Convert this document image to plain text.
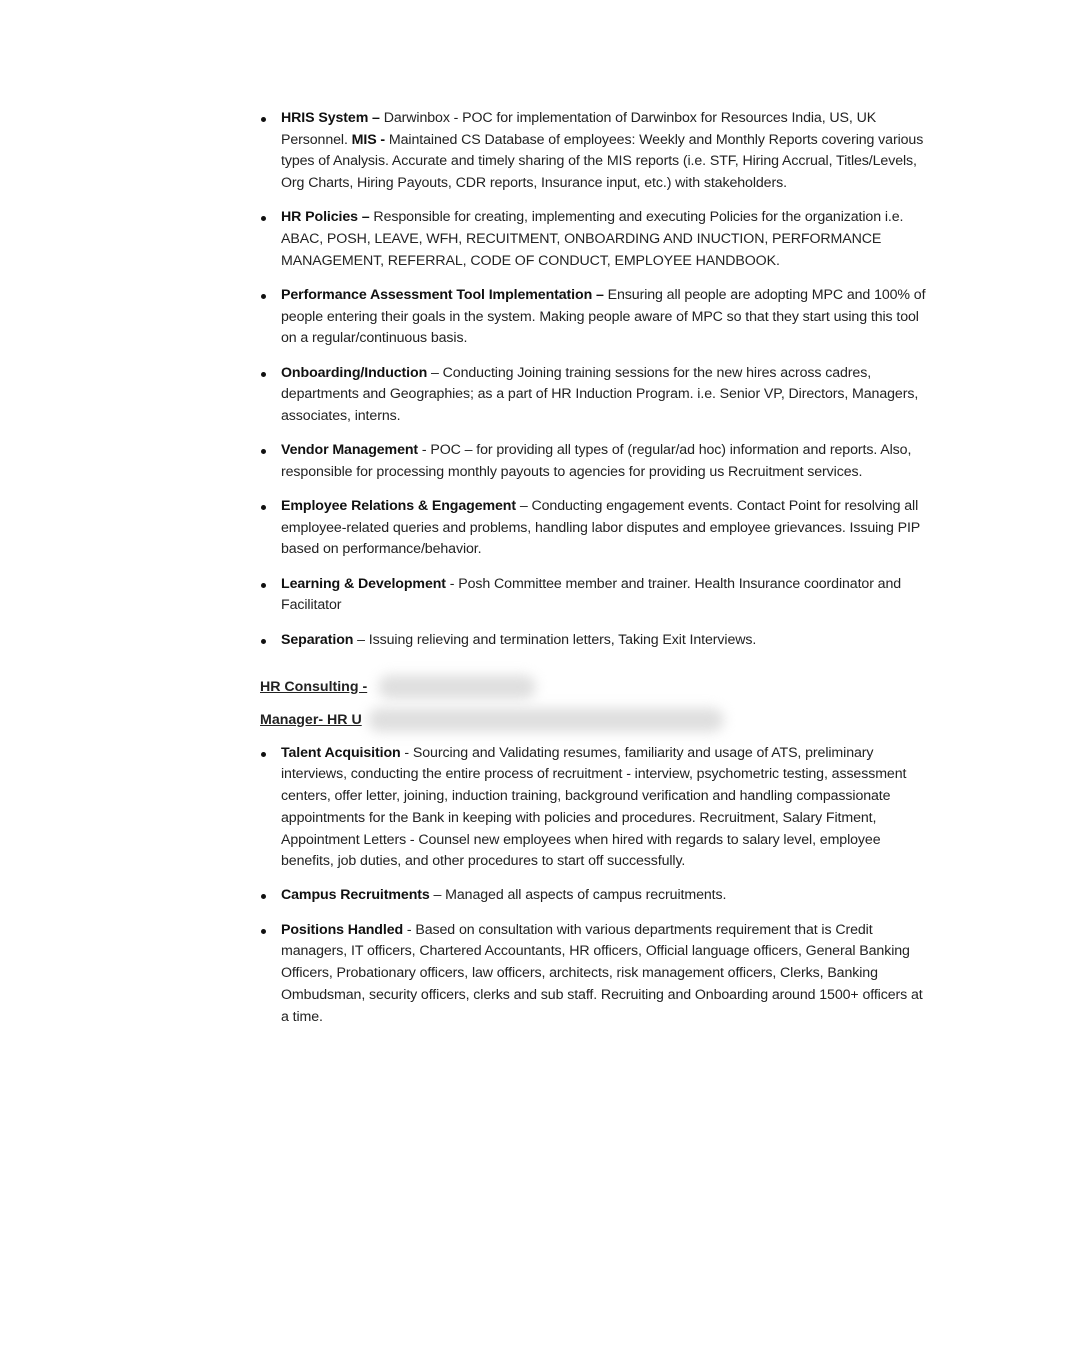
HRIS System – Darwinbox - POC for implementation of Darwinbox for Resources India, US, UK Personnel. MIS - Maintained CS Database of employees: Weekly and Monthly Reports covering various types of Analysis. Accurate and timely sharing of the MIS reports (i.e. STF, Hiring Accrual, Titles/Levels, Org Charts, Hiring Payouts, CDR reports, Insurance input, etc.) with stakeholders.
HR Policies – Responsible for creating, implementing and executing Policies for the organization i.e. ABAC, POSH, LEAVE, WFH, RECUITMENT, ONBOARDING AND INUCTION, PERFORMANCE MANAGEMENT, REFERRAL, CODE OF CONDUCT, EMPLOYEE HANDBOOK.
Performance Assessment Tool Implementation – Ensuring all people are adopting MPC and 100% of people entering their goals in the system. Making people aware of MPC so that they start using this tool on a regular/continuous basis.
Onboarding/Induction – Conducting Joining training sessions for the new hires across cadres, departments and Geographies; as a part of HR Induction Program. i.e. Senior VP, Directors, Managers, associates, interns.
Vendor Management - POC – for providing all types of (regular/ad hoc) information and reports. Also, responsible for processing monthly payouts to agencies for providing us Recruitment services.
Employee Relations & Engagement – Conducting engagement events. Contact Point for resolving all employee-related queries and problems, handling labor disputes and employee grievances. Issuing PIP based on performance/behavior.
Learning & Development - Posh Committee member and trainer. Health Insurance coordinator and Facilitator
Separation – Issuing relieving and termination letters, Taking Exit Interviews.
HR Consulting -
Manager- HR U
Talent Acquisition - Sourcing and Validating resumes, familiarity and usage of ATS, preliminary interviews, conducting the entire process of recruitment - interview, psychometric testing, assessment centers, offer letter, joining, induction training, background verification and handling compassionate appointments for the Bank in keeping with policies and procedures. Recruitment, Salary Fitment, Appointment Letters - Counsel new employees when hired with regards to salary level, employee benefits, job duties, and other procedures to start off successfully.
Campus Recruitments – Managed all aspects of campus recruitments.
Positions Handled - Based on consultation with various departments requirement that is Credit managers, IT officers, Chartered Accountants, HR officers, Official language officers, General Banking Officers, Probationary officers, law officers, architects, risk management officers, Clerks, Banking Ombudsman, security officers, clerks and sub staff. Recruiting and Onboarding around 1500+ officers at a time.
